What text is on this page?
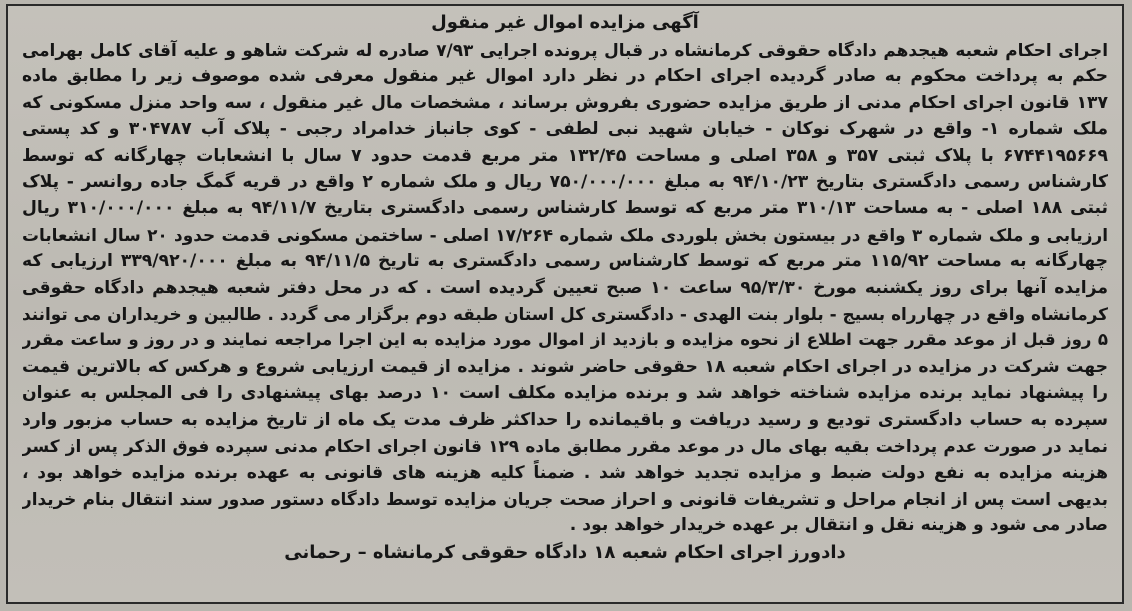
آگهی مزایده اموال غیر منقول
اجرای احکام شعبه هیجدهم دادگاه حقوقی کرمانشاه در قبال پرونده اجرایی ۷/۹۳ صادره له شرکت شاهو و علیه آقای کامل بهرامی
حکم به پرداخت محکوم به صادر گردیده اجرای احکام در نظر دارد اموال غیر منقول معرفی شده موصوف زیر را مطابق ماده
۱۳۷ قانون اجرای احکام مدنی از طریق مزایده حضوری بفروش برساند ، مشخصات مال غیر منقول ، سه واحد منزل مسکونی که
ملک شماره ۱- واقع در شهرک نوکان - خیابان شهید نبی لطفی - کوی جانباز خدامراد رجبی - پلاک آب ۳۰۴۷۸۷ و کد پستی
۶۷۴۴۱۹۵۶۶۹ با پلاک ثبتی ۳۵۷ و ۳۵۸ اصلی و مساحت ۱۳۲/۴۵ متر مربع قدمت حدود ۷ سال با انشعابات چهارگانه که توسط
کارشناس رسمی دادگستری بتاریخ ۹۴/۱۰/۲۳ به مبلغ ۷۵۰/۰۰۰/۰۰۰ ریال و ملک شماره ۲ واقع در قریه گمگ جاده روانسر - پلاک
ثبتی ۱۸۸ اصلی - به مساحت ۳۱۰/۱۳ متر مربع که توسط کارشناس رسمی دادگستری بتاریخ ۹۴/۱۱/۷ به مبلغ ۳۱۰/۰۰۰/۰۰۰ ریال
ارزیابی و ملک شماره ۳ واقع در بیستون بخش بلوردی ملک شماره ۱۷/۲۶۴ اصلی - ساختمن مسکونی قدمت حدود ۲۰ سال انشعابات
چهارگانه به مساحت ۱۱۵/۹۲ متر مربع که توسط کارشناس رسمی دادگستری به تاریخ ۹۴/۱۱/۵ به مبلغ ۳۳۹/۹۲۰/۰۰۰ ارزیابی که
مزایده آنها برای روز یکشنبه مورخ ۹۵/۳/۳۰ ساعت ۱۰ صبح تعیین گردیده است . که در محل دفتر شعبه هیجدهم دادگاه حقوقی
کرمانشاه واقع در چهارراه بسیج - بلوار بنت الهدی - دادگستری کل استان طبقه دوم برگزار می گردد . طالبین و خریداران می توانند
۵ روز قبل از موعد مقرر جهت اطلاع از نحوه مزایده و بازدید از اموال مورد مزایده به این اجرا مراجعه نمایند و در روز و ساعت مقرر
جهت شرکت در مزایده در اجرای احکام شعبه ۱۸ حقوقی حاضر شوند . مزایده از قیمت ارزیابی شروع و هرکس که بالاترین قیمت
را پیشنهاد نماید برنده مزایده شناخته خواهد شد و برنده مزایده مکلف است ۱۰ درصد بهای پیشنهادی را فی المجلس به عنوان
سپرده به حساب دادگستری تودیع و رسید دریافت و باقیمانده را حداکثر ظرف مدت یک ماه از تاریخ مزایده به حساب مزبور وارد
نماید در صورت عدم پرداخت بقیه بهای مال در موعد مقرر مطابق ماده ۱۲۹ قانون اجرای احکام مدنی سپرده فوق الذکر پس از کسر
هزینه مزایده به نفع دولت ضبط و مزایده تجدید خواهد شد . ضمناً کلیه هزینه های قانونی به عهده برنده مزایده خواهد بود ،
بدیهی است پس از انجام مراحل و تشریفات قانونی و احراز صحت جریان مزایده توسط دادگاه دستور صدور سند انتقال بنام خریدار
صادر می شود و هزینه نقل و انتقال بر عهده خریدار خواهد بود .
دادورز اجرای احکام شعبه ۱۸ دادگاه حقوقی کرمانشاه – رحمانی
